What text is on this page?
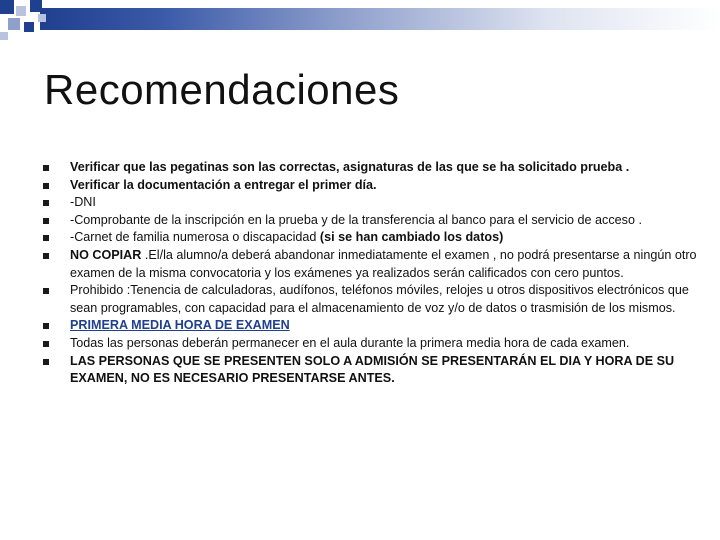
Recomendaciones
Verificar que las pegatinas son las correctas, asignaturas de las que se ha solicitado prueba .
Verificar la documentación a entregar el primer día.
-DNI
-Comprobante de la inscripción en la prueba y de la transferencia al banco para el servicio de acceso .
-Carnet de familia numerosa o discapacidad (si se han cambiado los datos)
NO COPIAR .El/la alumno/a deberá abandonar inmediatamente el examen , no podrá presentarse a ningún otro examen de la misma convocatoria y los exámenes ya realizados serán calificados con cero puntos.
Prohibido :Tenencia de calculadoras, audífonos, teléfonos móviles, relojes u otros dispositivos electrónicos que sean programables, con capacidad para el almacenamiento de voz y/o de datos o trasmisión de los mismos.
PRIMERA MEDIA HORA DE EXAMEN
Todas las personas deberán permanecer en el aula durante la primera media hora de cada examen.
LAS PERSONAS QUE SE PRESENTEN SOLO A ADMISIÓN SE PRESENTARÁN EL DIA Y HORA DE SU EXAMEN, NO ES NECESARIO PRESENTARSE ANTES.
